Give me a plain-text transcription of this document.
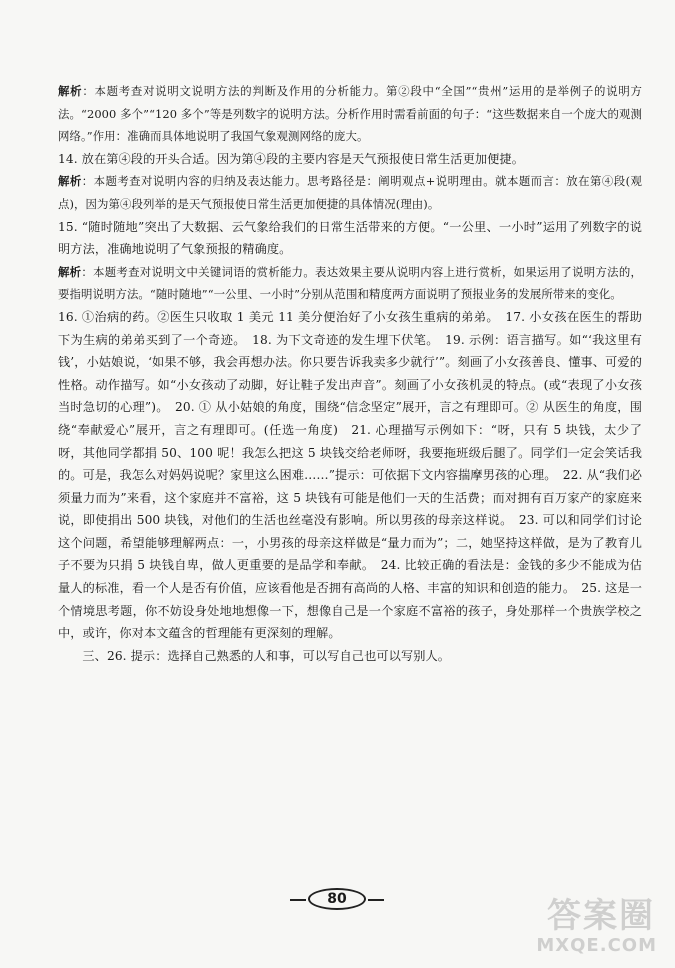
解析：本题考查对说明文说明方法的判断及作用的分析能力。第②段中“全国”“贵州”运用的是举例子的说明方法。“2000 多个”“120 多个”等是列数字的说明方法。分析作用时需看前面的句子：“这些数据来自一个庞大的观测网络。”作用：准确而具体地说明了我国气象观测网络的庞大。

14. 放在第④段的开头合适。因为第④段的主要内容是天气预报使日常生活更加便捷。

解析：本题考查对说明内容的归纳及表达能力。思考路径是：阐明观点+说明理由。就本题而言：放在第④段(观点)，因为第④段列举的是天气预报使日常生活更加便捷的具体情况(理由)。

15. “随时随地”突出了大数据、云气象给我们的日常生活带来的方便。“一公里、一小时”运用了列数字的说明方法，准确地说明了气象预报的精确度。

解析：本题考查对说明文中关键词语的赏析能力。表达效果主要从说明内容上进行赏析，如果运用了说明方法的，要指明说明方法。“随时随地”“一公里、一小时”分别从范围和精度两方面说明了预报业务的发展所带来的变化。

16. ①治病的药。②医生只收取 1 美元 11 美分便治好了小女孩生重病的弟弟。　17. 小女孩在医生的帮助下为生病的弟弟买到了一个奇迹。　18. 为下文奇迹的发生埋下伏笔。　19. 示例：语言描写。如“‘我这里有钱’，小姑娘说，‘如果不够，我会再想办法。你只要告诉我卖多少就行’”。刻画了小女孩善良、懂事、可爱的性格。动作描写。如“小女孩动了动脚，好让鞋子发出声音”。刻画了小女孩机灵的特点。(或“表现了小女孩当时急切的心理”)。　20. ① 从小姑娘的角度，围绕“信念坚定”展开，言之有理即可。② 从医生的角度，围绕“奉献爱心”展开，言之有理即可。(任选一角度)　21. 心理描写示例如下：“呀，只有 5 块钱，太少了呀，其他同学都捐 50、100 呢！我怎么把这 5 块钱交给老师呀，我要拖班级后腿了。同学们一定会笑话我的。可是，我怎么对妈妈说呢？家里这么困难……”提示：可依据下文内容揣摩男孩的心理。　22. 从“我们必须量力而为”来看，这个家庭并不富裕，这 5 块钱有可能是他们一天的生活费；而对拥有百万家产的家庭来说，即使捐出 500 块钱，对他们的生活也丝毫没有影响。所以男孩的母亲这样说。　23. 可以和同学们讨论这个问题，希望能够理解两点：一，小男孩的母亲这样做是“量力而为”；二，她坚持这样做，是为了教育儿子不要为只捐 5 块钱自卑，做人更重要的是品学和奉献。　24. 比较正确的看法是：金钱的多少不能成为估量人的标准，看一个人是否有价值，应该看他是否拥有高尚的人格、丰富的知识和创造的能力。　25. 这是一个情境思考题，你不妨设身处地地想像一下，想像自己是一个家庭不富裕的孩子，身处那样一个贵族学校之中，或许，你对本文蕴含的哲理能有更深刻的理解。

三、26. 提示：选择自己熟悉的人和事，可以写自己也可以写别人。

80	答案圈
MXQE.COM
